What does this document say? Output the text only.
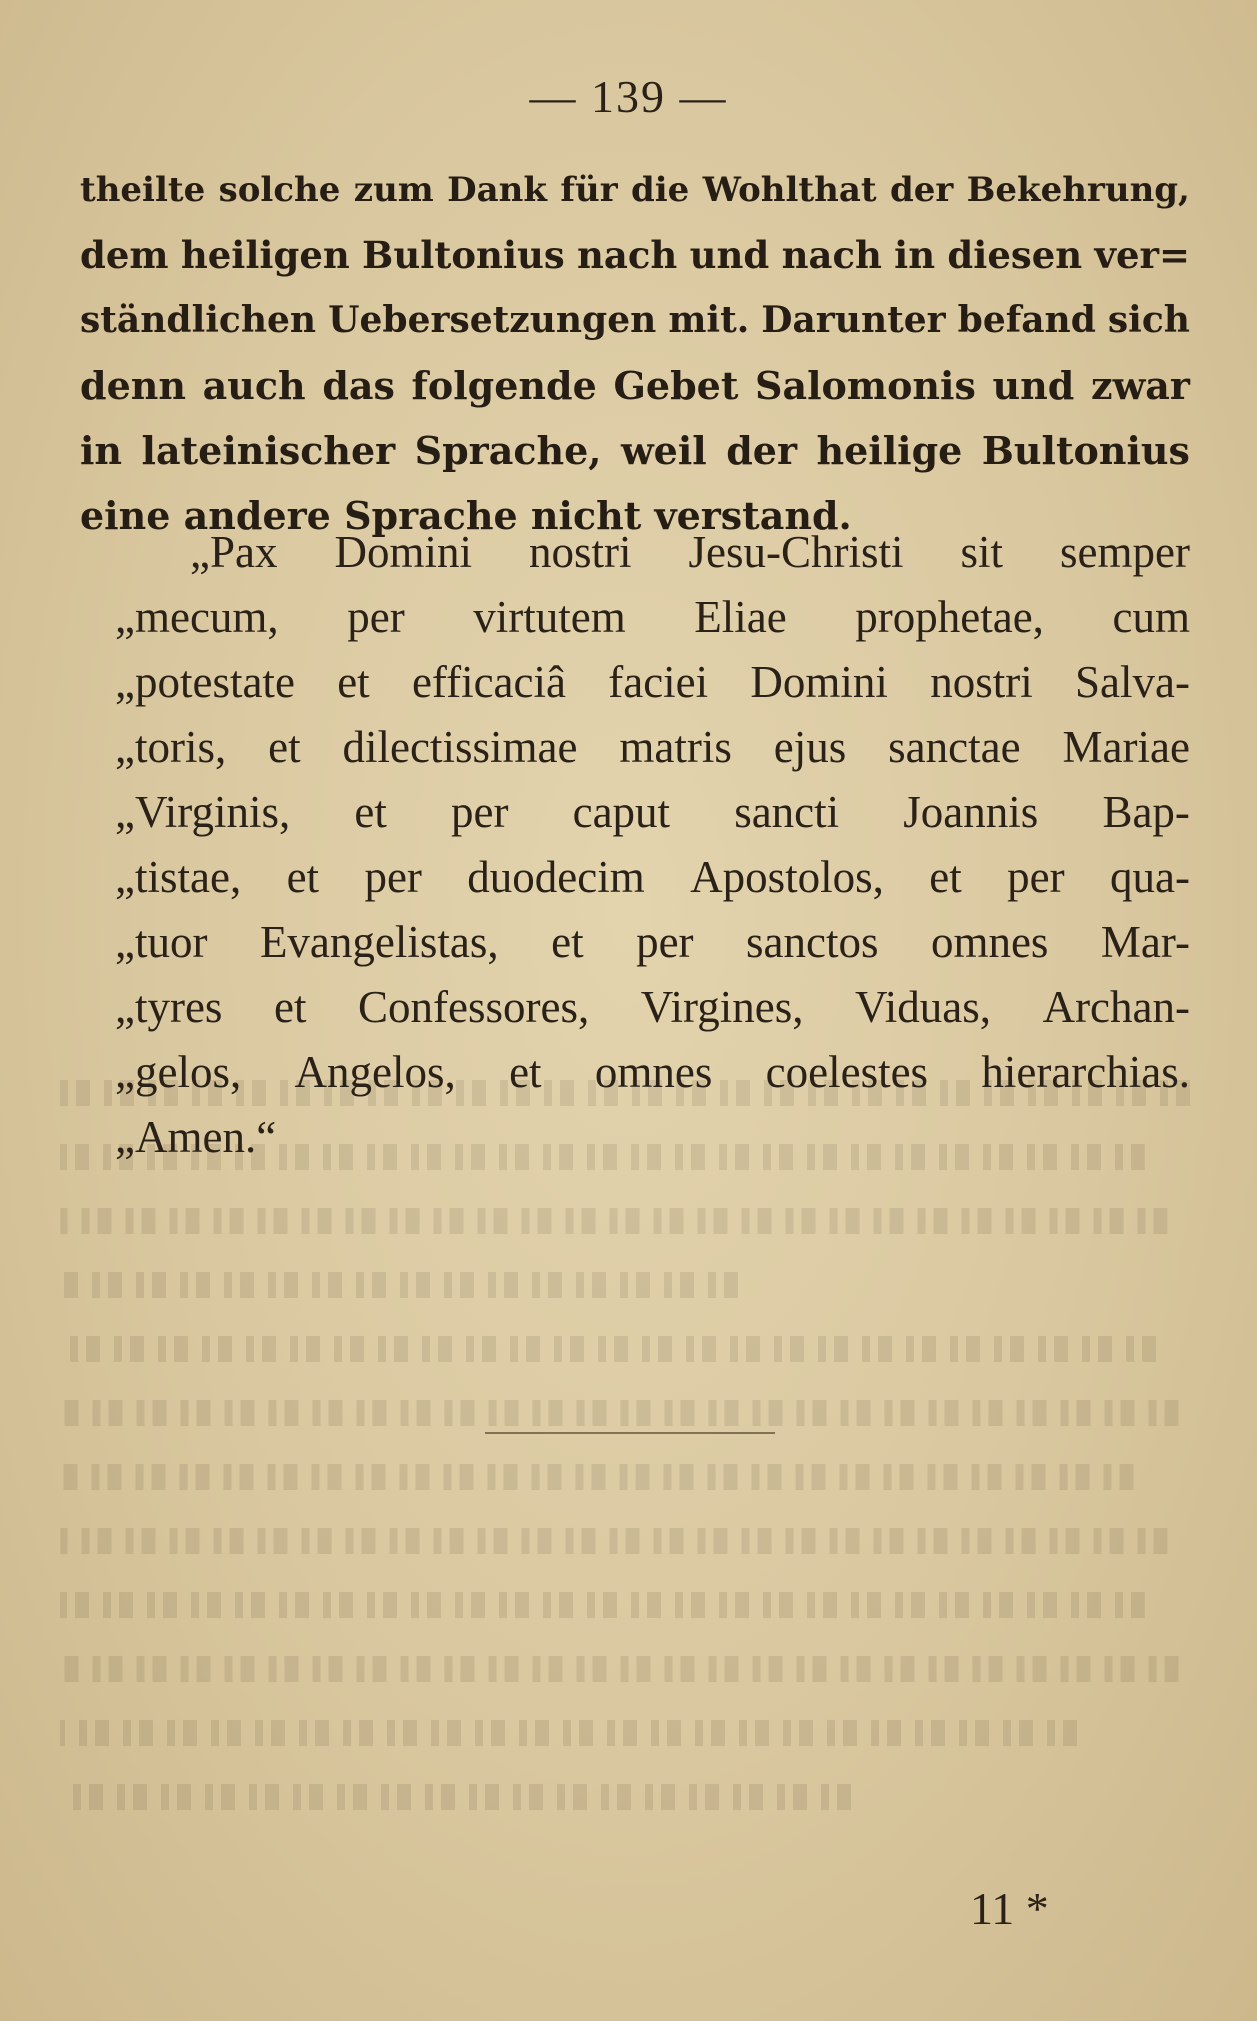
— 139 —
theilte solche zum Dank für die Wohlthat der Bekehrung,
dem heiligen Bultonius nach und nach in diesen ver=
ständlichen Uebersetzungen mit. Darunter befand sich
denn auch das folgende Gebet Salomonis und zwar
in lateinischer Sprache, weil der heilige Bultonius
eine andere Sprache nicht verstand.
„Pax Domini nostri Jesu-Christi sit semper
„mecum, per virtutem Eliae prophetae, cum
„potestate et efficaciâ faciei Domini nostri Salva-
„toris, et dilectissimae matris ejus sanctae Mariae
„Virginis, et per caput sancti Joannis Bap-
„tistae, et per duodecim Apostolos, et per qua-
„tuor Evangelistas, et per sanctos omnes Mar-
„tyres et Confessores, Virgines, Viduas, Archan-
„gelos, Angelos, et omnes coelestes hierarchias.
„Amen.“
11 *
